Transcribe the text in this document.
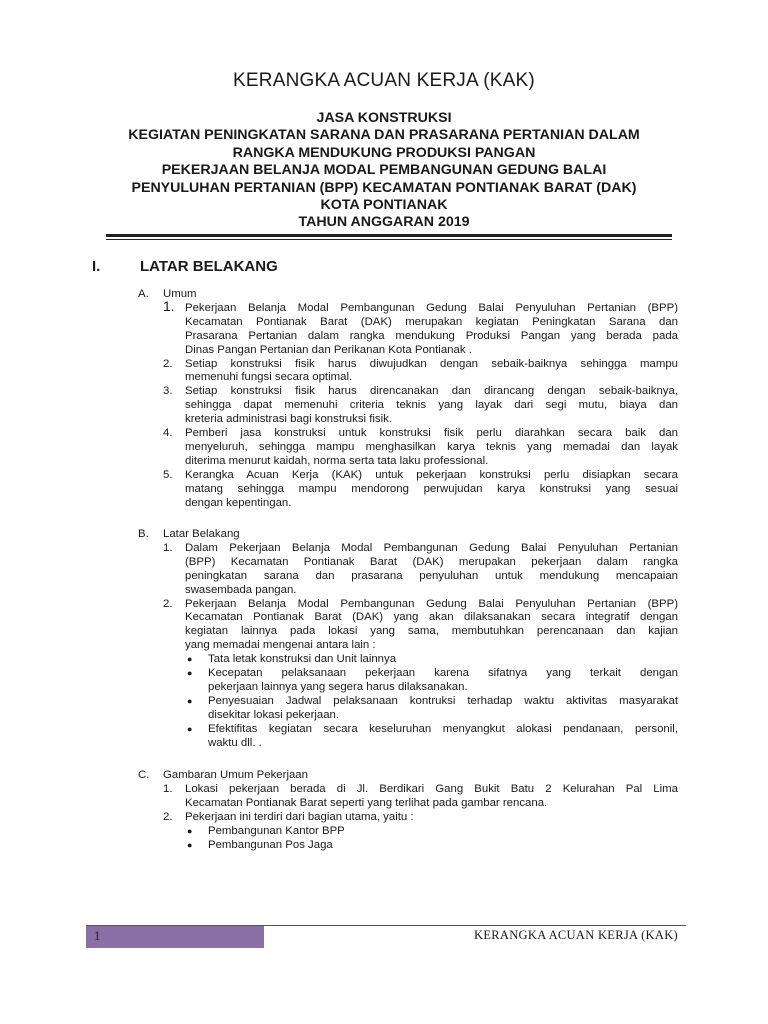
KERANGKA ACUAN KERJA (KAK)
JASA KONSTRUKSI
KEGIATAN PENINGKATAN SARANA DAN PRASARANA PERTANIAN DALAM
RANGKA MENDUKUNG PRODUKSI PANGAN
PEKERJAAN BELANJA MODAL PEMBANGUNAN GEDUNG BALAI
PENYULUHAN PERTANIAN (BPP) KECAMATAN PONTIANAK BARAT (DAK)
KOTA PONTIANAK
TAHUN ANGGARAN 2019
I.	LATAR BELAKANG
A. Umum
1. Pekerjaan Belanja Modal Pembangunan Gedung Balai Penyuluhan Pertanian (BPP)
Kecamatan Pontianak Barat (DAK) merupakan kegiatan Peningkatan Sarana dan
Prasarana Pertanian dalam rangka mendukung Produksi Pangan yang berada pada
Dinas Pangan Pertanian dan Perikanan Kota Pontianak .
2. Setiap konstruksi fisik harus diwujudkan dengan sebaik-baiknya sehingga mampu
memenuhi fungsi secara optimal.
3. Setiap konstruksi fisik harus direncanakan dan dirancang dengan sebaik-baiknya,
sehingga dapat memenuhi criteria teknis yang layak dari segi mutu, biaya dan
kreteria administrasi bagi konstruksi fisik.
4. Pemberi jasa konstruksi untuk konstruksi fisik perlu diarahkan secara baik dan
menyeluruh, sehingga mampu menghasilkan karya teknis yang memadai dan layak
diterima menurut kaidah, norma serta tata laku professional.
5. Kerangka Acuan Kerja (KAK) untuk pekerjaan konstruksi perlu disiapkan secara
matang sehingga mampu mendorong perwujudan karya konstruksi yang sesuai
dengan kepentingan.
B. Latar Belakang
1. Dalam Pekerjaan Belanja Modal Pembangunan Gedung Balai Penyuluhan Pertanian
(BPP) Kecamatan Pontianak Barat (DAK) merupakan pekerjaan dalam rangka
peningkatan sarana dan prasarana penyuluhan untuk mendukung mencapaian
swasembada pangan.
2. Pekerjaan Belanja Modal Pembangunan Gedung Balai Penyuluhan Pertanian (BPP)
Kecamatan Pontianak Barat (DAK) yang akan dilaksanakan secara integratif dengan
kegiatan lainnya pada lokasi yang sama, membutuhkan perencanaan dan kajian
yang memadai mengenai antara lain :
● Tata letak konstruksi dan Unit lainnya
● Kecepatan pelaksanaan pekerjaan karena sifatnya yang terkait dengan
pekerjaan lainnya yang segera harus dilaksanakan.
● Penyesuaian Jadwal pelaksanaan kontruksi terhadap waktu aktivitas masyarakat
disekitar lokasi pekerjaan.
● Efektifitas kegiatan secara keseluruhan menyangkut alokasi pendanaan, personil,
waktu dll. .
C. Gambaran Umum Pekerjaan
1. Lokasi pekerjaan berada di Jl. Berdikari Gang Bukit Batu 2 Kelurahan Pal Lima
Kecamatan Pontianak Barat seperti yang terlihat pada gambar rencana.
2. Pekerjaan ini terdiri dari bagian utama, yaitu :
● Pembangunan Kantor BPP
● Pembangunan Pos Jaga
1	KERANGKA ACUAN KERJA (KAK)
